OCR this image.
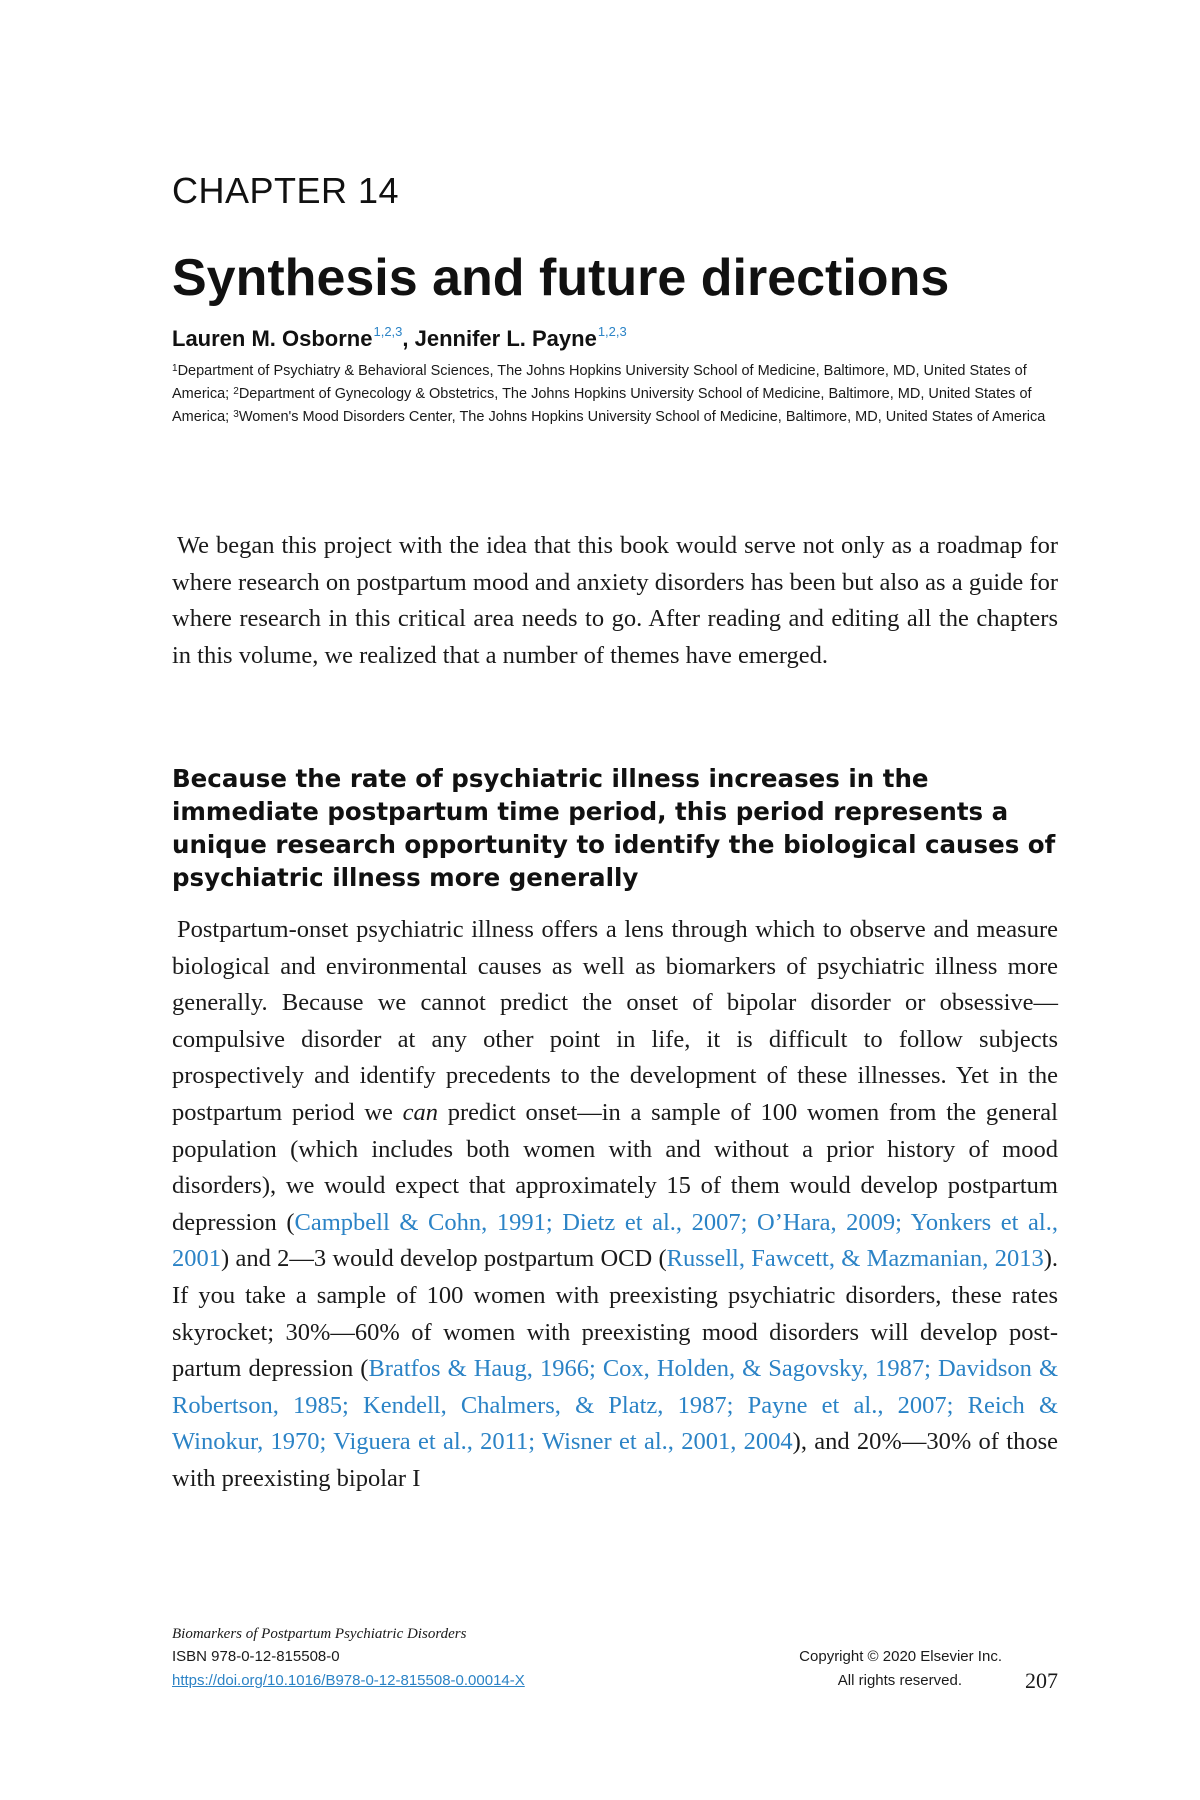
CHAPTER 14
Synthesis and future directions
Lauren M. Osborne$^{1,2,3}$, Jennifer L. Payne$^{1,2,3}$
$^1$Department of Psychiatry & Behavioral Sciences, The Johns Hopkins University School of Medicine, Baltimore, MD, United States of America; $^2$Department of Gynecology & Obstetrics, The Johns Hopkins University School of Medicine, Baltimore, MD, United States of America; $^3$Women's Mood Disorders Center, The Johns Hopkins University School of Medicine, Baltimore, MD, United States of America

We began this project with the idea that this book would serve not only as a roadmap for where research on postpartum mood and anxiety disorders has been but also as a guide for where research in this critical area needs to go. After reading and editing all the chapters in this volume, we realized that a number of themes have emerged.

Because the rate of psychiatric illness increases in the immediate postpartum time period, this period represents a unique research opportunity to identify the biological causes of psychiatric illness more generally

Postpartum-onset psychiatric illness offers a lens through which to observe and measure biological and environmental causes as well as biomarkers of psychiatric illness more generally. Because we cannot predict the onset of bipolar disorder or obsessive—compulsive disorder at any other point in life, it is difficult to follow subjects prospectively and identify precedents to the development of these illnesses. Yet in the postpartum period we can predict onset—in a sample of 100 women from the general population (which includes both women with and without a prior history of mood disorders), we would expect that approximately 15 of them would develop postpartum depression (Campbell & Cohn, 1991; Dietz et al., 2007; O’Hara, 2009; Yonkers et al., 2001) and 2—3 would develop postpartum OCD (Russell, Fawcett, & Mazmanian, 2013). If you take a sample of 100 women with preexisting psychiatric disorders, these rates skyrocket; 30%—60% of women with preexisting mood disorders will develop postpartum depression (Bratfos & Haug, 1966; Cox, Holden, & Sagovsky, 1987; Davidson & Robertson, 1985; Kendell, Chalmers, & Platz, 1987; Payne et al., 2007; Reich & Winokur, 1970; Viguera et al., 2011; Wisner et al., 2001, 2004), and 20%—30% of those with preexisting bipolar I

Biomarkers of Postpartum Psychiatric Disorders
ISBN 978-0-12-815508-0
https://doi.org/10.1016/B978-0-12-815508-0.00014-X
Copyright © 2020 Elsevier Inc.
All rights reserved.	207
